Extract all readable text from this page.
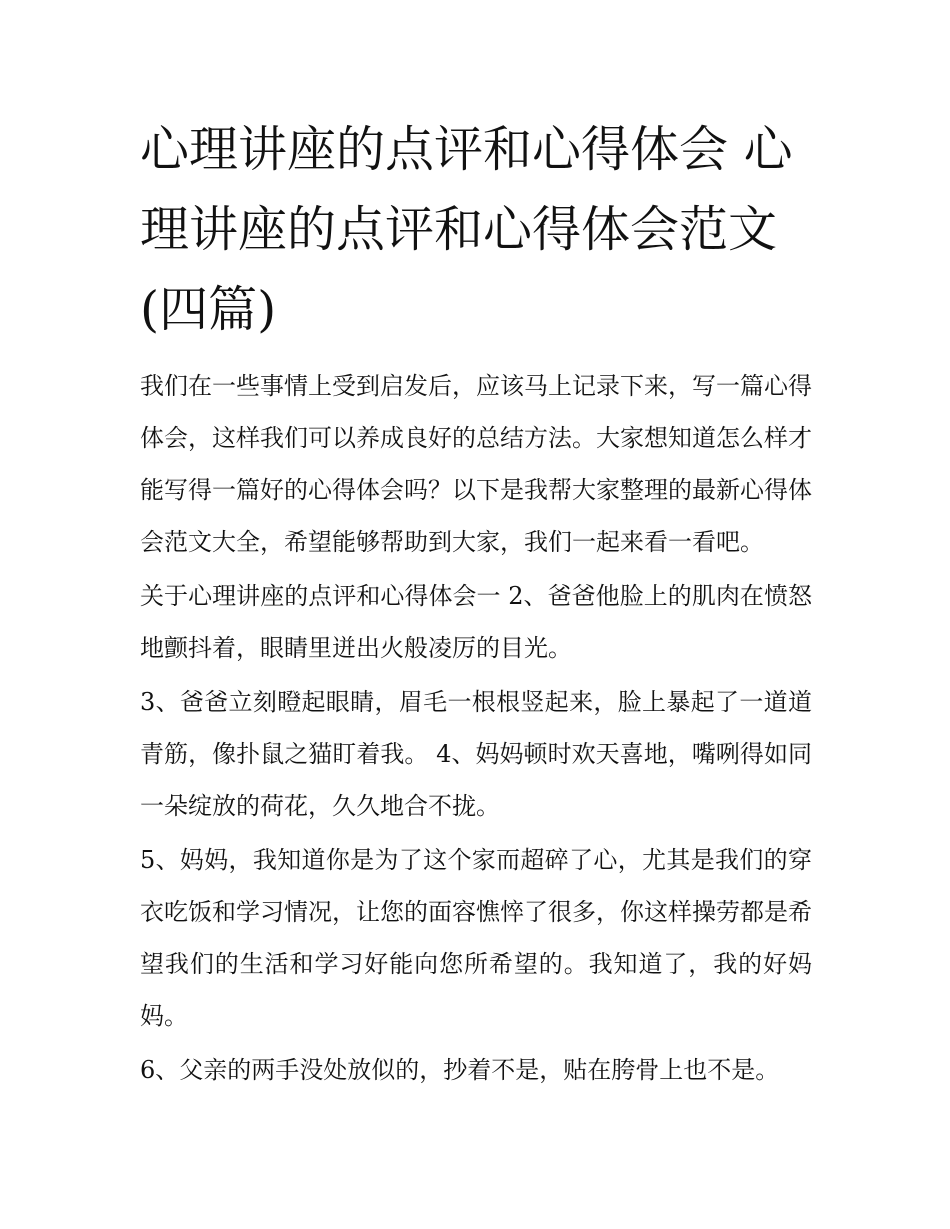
心理讲座的点评和心得体会 心理讲座的点评和心得体会范文(四篇)

我们在一些事情上受到启发后，应该马上记录下来，写一篇心得体会，这样我们可以养成良好的总结方法。大家想知道怎么样才能写得一篇好的心得体会吗？以下是我帮大家整理的最新心得体会范文大全，希望能够帮助到大家，我们一起来看一看吧。

关于心理讲座的点评和心得体会一 2、爸爸他脸上的肌肉在愤怒地颤抖着，眼睛里迸出火般凌厉的目光。

3、爸爸立刻瞪起眼睛，眉毛一根根竖起来，脸上暴起了一道道青筋，像扑鼠之猫盯着我。 4、妈妈顿时欢天喜地，嘴咧得如同一朵绽放的荷花，久久地合不拢。

5、妈妈，我知道你是为了这个家而超碎了心，尤其是我们的穿衣吃饭和学习情况，让您的面容憔悴了很多，你这样操劳都是希望我们的生活和学习好能向您所希望的。我知道了，我的好妈妈。

6、父亲的两手没处放似的，抄着不是，贴在胯骨上也不是。
